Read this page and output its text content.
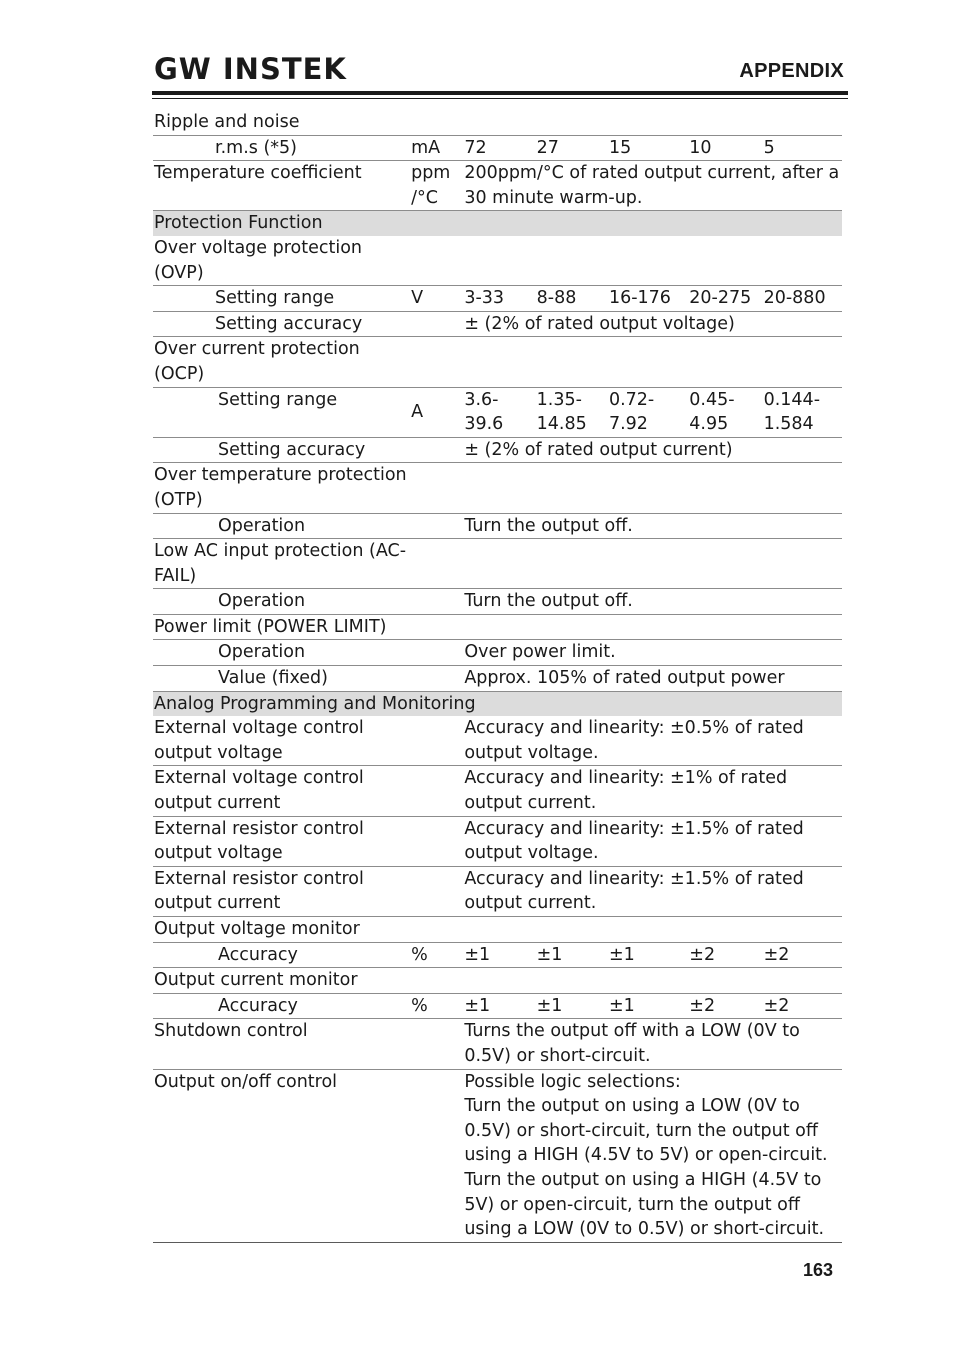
GW INSTEK	APPENDIX
Ripple and noise						
r.m.s (*5)	mA	72	27	15	10	5
Temperature coefficient	ppm /°C	200ppm/°C of rated output current, after a 30 minute warm-up.				
Protection Function						
Over voltage protection (OVP)						
Setting range	V	3-33	8-88	16-176	20-275	20-880
Setting accuracy		± (2% of rated output voltage)				
Over current protection (OCP)						
Setting range	A	3.6- 39.6	1.35- 14.85	0.72- 7.92	0.45- 4.95	0.144- 1.584
Setting accuracy		± (2% of rated output current)				
Over temperature protection (OTP)						
Operation		Turn the output off.				
Low AC input protection (AC-FAIL)						
Operation		Turn the output off.				
Power limit (POWER LIMIT)						
Operation		Over power limit.				
Value (fixed)		Approx. 105% of rated output power				
Analog Programming and Monitoring						
External voltage control output voltage		Accuracy and linearity: ±0.5% of rated output voltage.				
External voltage control output current		Accuracy and linearity: ±1% of rated output current.				
External resistor control output voltage		Accuracy and linearity: ±1.5% of rated output voltage.				
External resistor control output current		Accuracy and linearity: ±1.5% of rated output current.				
Output voltage monitor						
Accuracy	%	±1	±1	±1	±2	±2
Output current monitor						
Accuracy	%	±1	±1	±1	±2	±2
Shutdown control		Turns the output off with a LOW (0V to 0.5V) or short-circuit.				
Output on/off control		Possible logic selections:
Turn the output on using a LOW (0V to 0.5V) or short-circuit, turn the output off using a HIGH (4.5V to 5V) or open-circuit.
Turn the output on using a HIGH (4.5V to 5V) or open-circuit, turn the output off using a LOW (0V to 0.5V) or short-circuit.				
163
